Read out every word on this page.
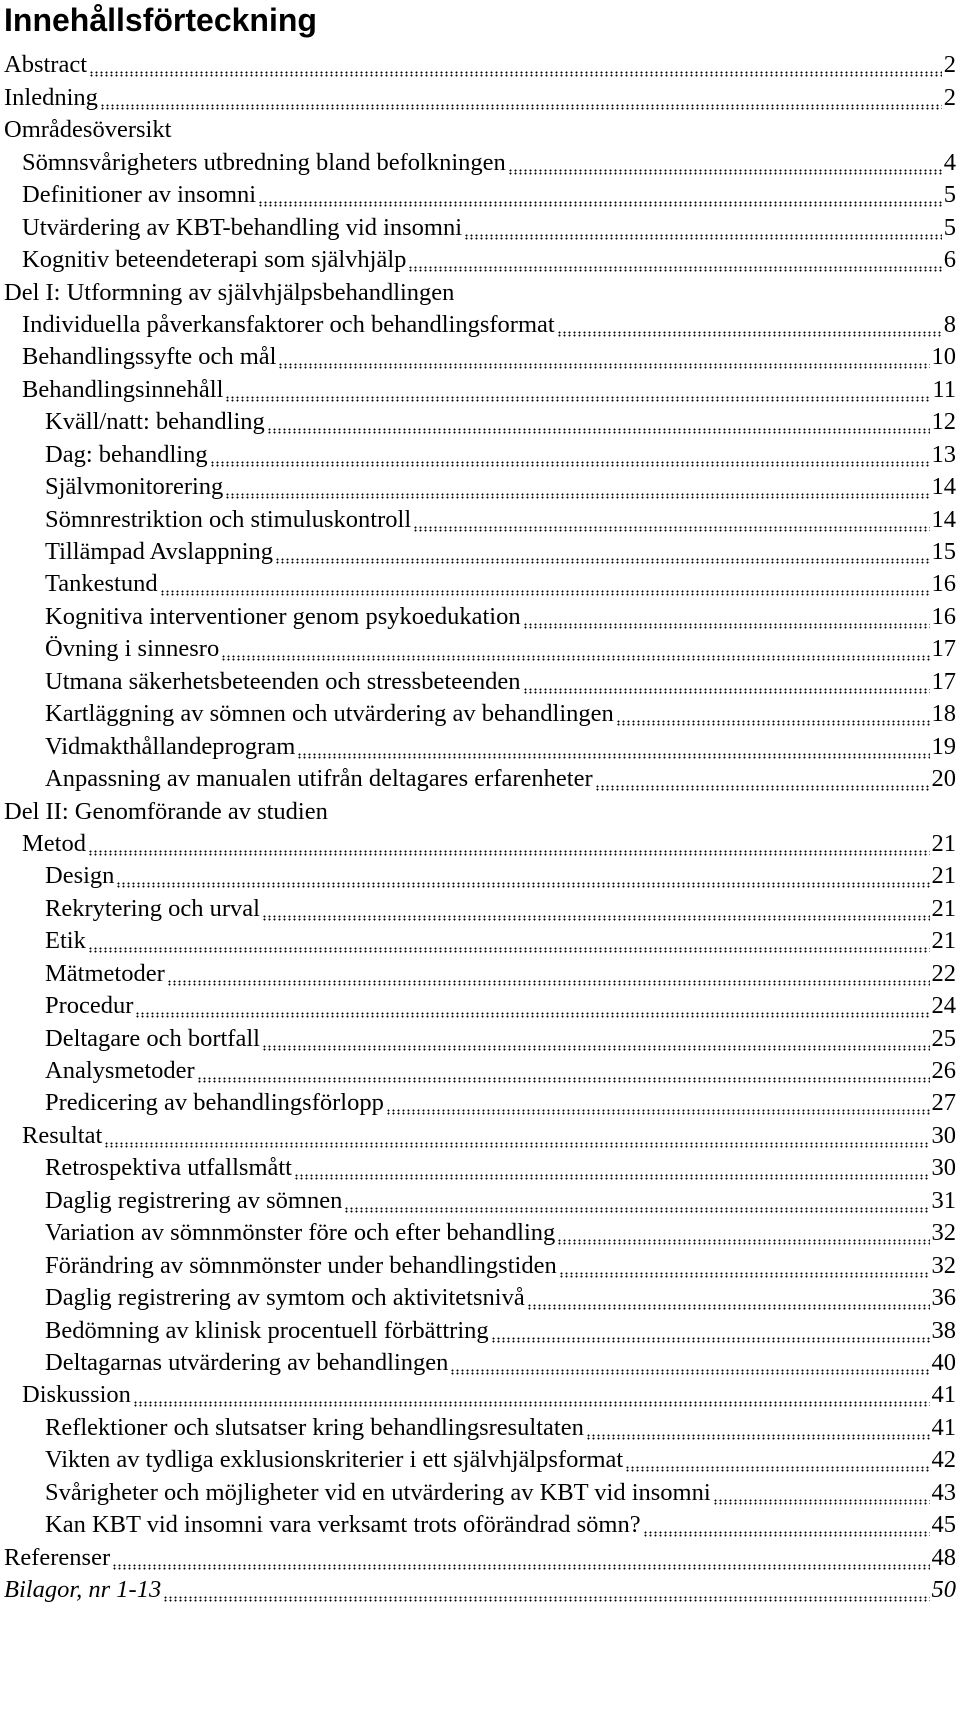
Innehållsförteckning
Abstract	2
Inledning	2
Områdesöversikt
Sömnsvårigheters utbredning bland befolkningen	4
Definitioner av insomni	5
Utvärdering av KBT-behandling vid insomni	5
Kognitiv beteendeterapi som självhjälp	6
Del I: Utformning av självhjälpsbehandlingen
Individuella påverkansfaktorer och behandlingsformat	8
Behandlingssyfte och mål	10
Behandlingsinnehåll	11
Kväll/natt: behandling	12
Dag: behandling	13
Självmonitorering	14
Sömnrestriktion och stimuluskontroll	14
Tillämpad Avslappning	15
Tankestund	16
Kognitiva interventioner genom psykoedukation	16
Övning i sinnesro	17
Utmana säkerhetsbeteenden och stressbeteenden	17
Kartläggning av sömnen och utvärdering av behandlingen	18
Vidmakthållandeprogram	19
Anpassning av manualen utifrån deltagares erfarenheter	20
Del II: Genomförande av studien
Metod	21
Design	21
Rekrytering och urval	21
Etik	21
Mätmetoder	22
Procedur	24
Deltagare och bortfall	25
Analysmetoder	26
Predicering av behandlingsförlopp	27
Resultat	30
Retrospektiva utfallsmått	30
Daglig registrering av sömnen	31
Variation av sömnmönster före och efter behandling	32
Förändring av sömnmönster under behandlingstiden	32
Daglig registrering av symtom och aktivitetsnivå	36
Bedömning av klinisk procentuell förbättring	38
Deltagarnas utvärdering av behandlingen	40
Diskussion	41
Reflektioner och slutsatser kring behandlingsresultaten	41
Vikten av tydliga exklusionskriterier i ett självhjälpsformat	42
Svårigheter och möjligheter vid en utvärdering av KBT vid insomni	43
Kan KBT vid insomni vara verksamt trots oförändrad sömn?	45
Referenser	48
Bilagor, nr 1-13	50
